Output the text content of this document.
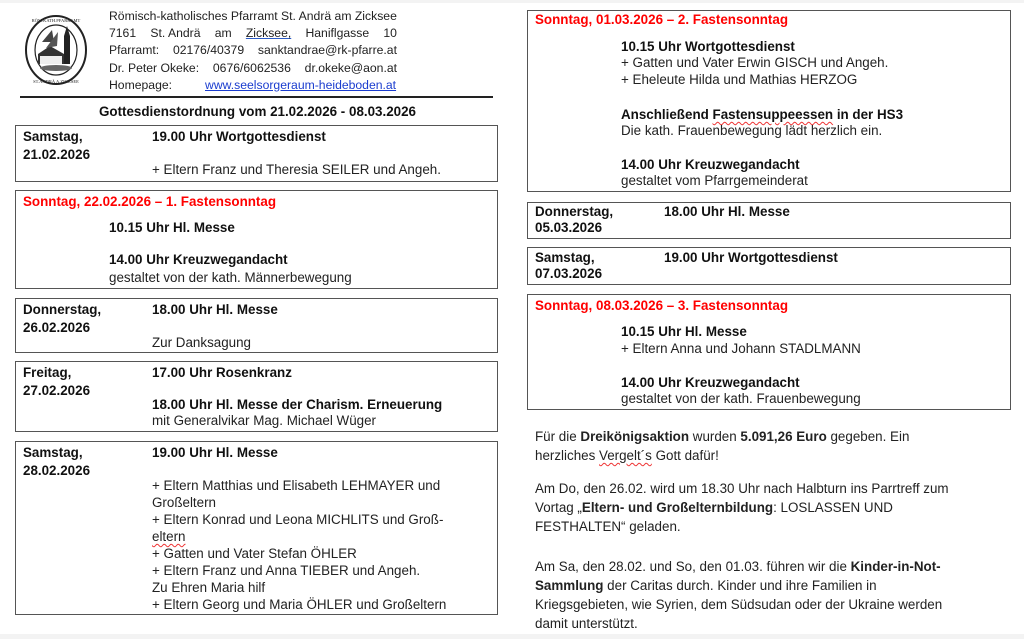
RÖM.KATH.PFARRAMT
ST.ANDRÄ A.ZICKSEE
Römisch-katholisches Pfarramt St. Andrä am Zicksee
7161 St. Andrä am Zicksee, Haniflgasse 10
Pfarramt: 02176/40379 sanktandrae@rk-pfarre.at
Dr. Peter Okeke: 0676/6062536 dr.okeke@aon.at
Homepage:	www.seelsorgeraum-heideboden.at
Gottesdienstordnung vom 21.02.2026 - 08.03.2026
Samstag,
21.02.2026
19.00 Uhr Wortgottesdienst
+ Eltern Franz und Theresia SEILER und Angeh.
Sonntag, 22.02.2026 – 1. Fastensonntag
10.15 Uhr Hl. Messe
14.00 Uhr Kreuzwegandacht
gestaltet von der kath. Männerbewegung
Donnerstag,
26.02.2026
18.00 Uhr Hl. Messe
Zur Danksagung
Freitag,
27.02.2026
17.00 Uhr Rosenkranz
18.00 Uhr Hl. Messe der Charism. Erneuerung
mit Generalvikar Mag. Michael Wüger
Samstag,
28.02.2026
19.00 Uhr Hl. Messe
+ Eltern Matthias und Elisabeth LEHMAYER und
Großeltern
+ Eltern Konrad und Leona MICHLITS und Groß-
eltern
+ Gatten und Vater Stefan ÖHLER
+ Eltern Franz und Anna TIEBER und Angeh.
Zu Ehren Maria hilf
+ Eltern Georg und Maria ÖHLER und Großeltern
Sonntag, 01.03.2026 – 2. Fastensonntag
10.15 Uhr Wortgottesdienst
+ Gatten und Vater Erwin GISCH und Angeh.
+ Eheleute Hilda und Mathias HERZOG
Anschließend Fastensuppeessen in der HS3
Die kath. Frauenbewegung lädt herzlich ein.
14.00 Uhr Kreuzwegandacht
gestaltet vom Pfarrgemeinderat
Donnerstag,
05.03.2026
18.00 Uhr Hl. Messe
Samstag,
07.03.2026
19.00 Uhr Wortgottesdienst
Sonntag, 08.03.2026 – 3. Fastensonntag
10.15 Uhr Hl. Messe
+ Eltern Anna und Johann STADLMANN
14.00 Uhr Kreuzwegandacht
gestaltet von der kath. Frauenbewegung
Für die Dreikönigsaktion wurden 5.091,26 Euro gegeben. Ein
herzliches Vergelt´s Gott dafür!
Am Do, den 26.02. wird um 18.30 Uhr nach Halbturn ins Parrtreff zum
Vortag „Eltern- und Großelternbildung: LOSLASSEN UND
FESTHALTEN“ geladen.
Am Sa, den 28.02. und So, den 01.03. führen wir die Kinder-in-Not-
Sammlung der Caritas durch. Kinder und ihre Familien in
Kriegsgebieten, wie Syrien, dem Südsudan oder der Ukraine werden
damit unterstützt.
